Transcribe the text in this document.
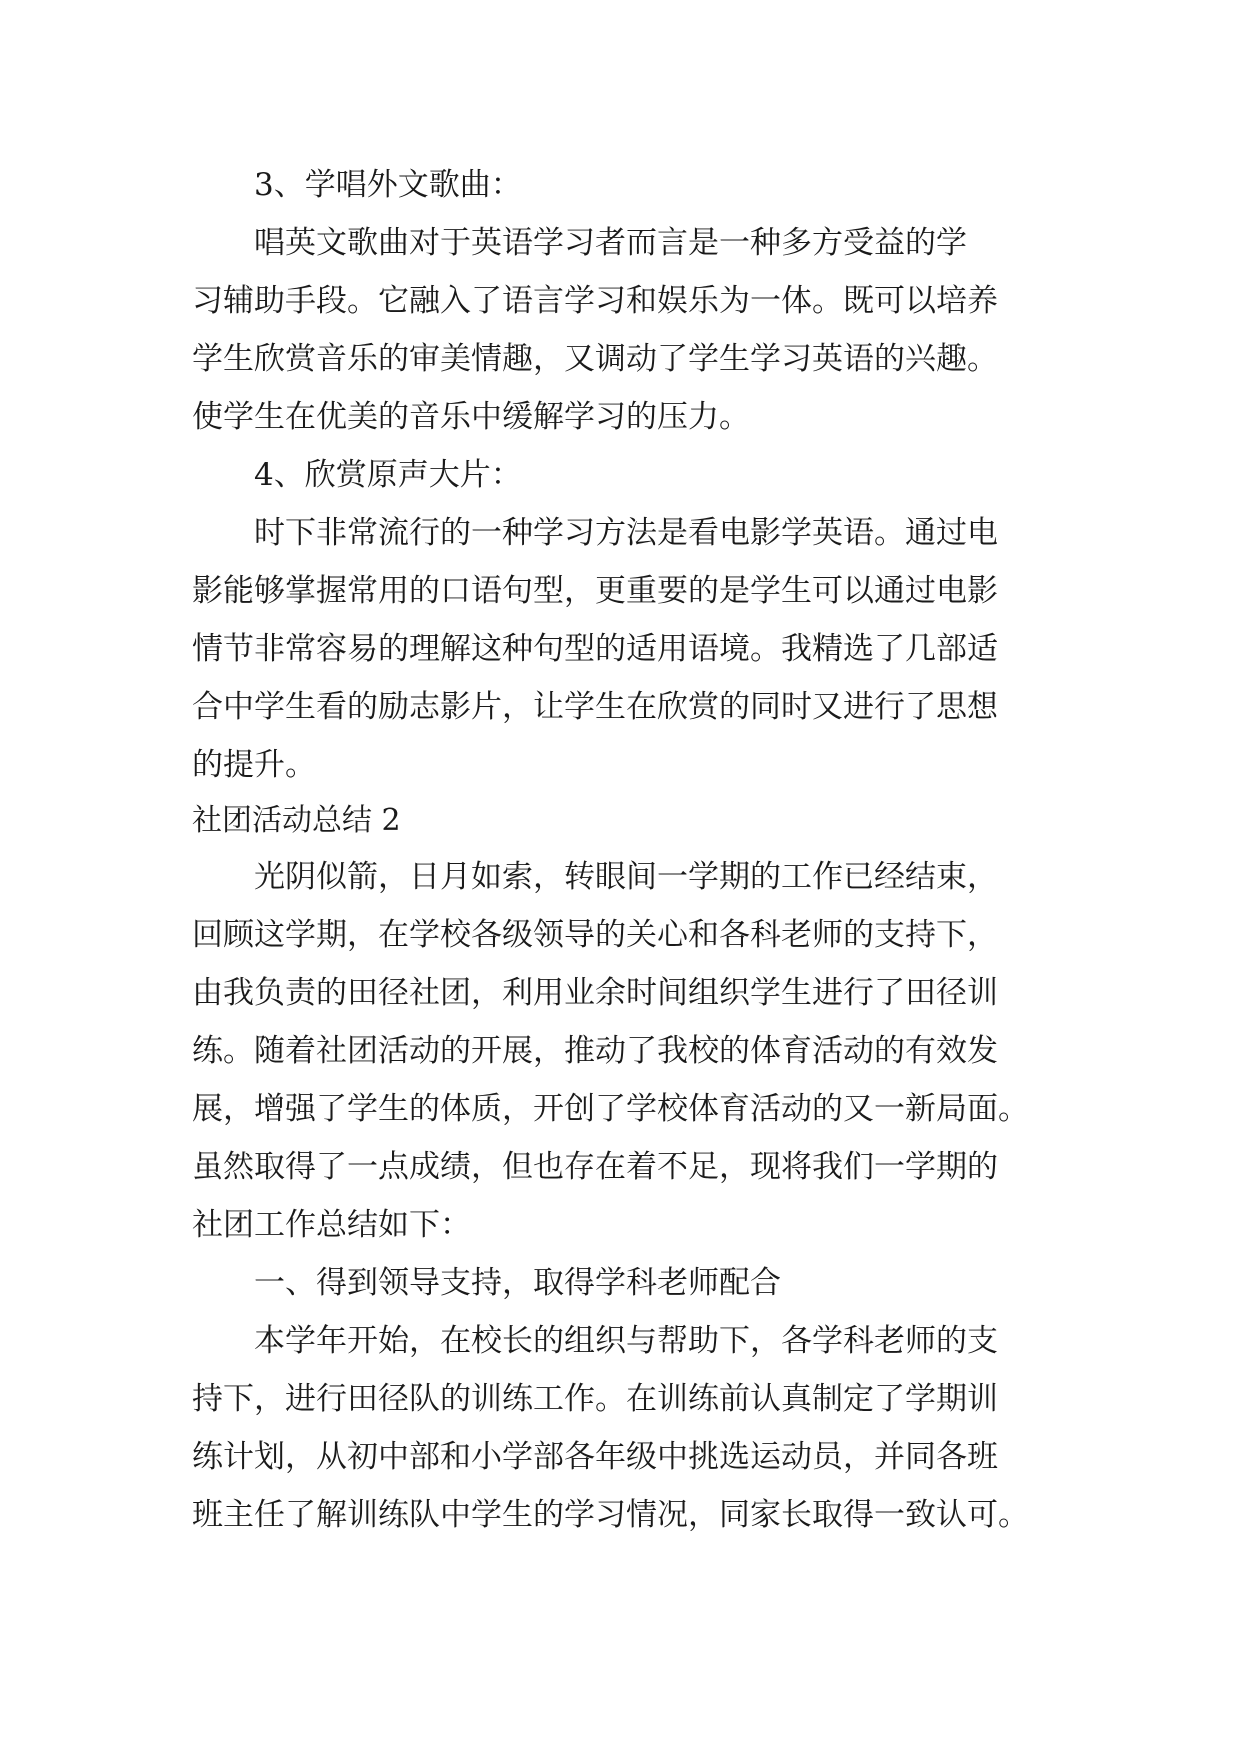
3、学唱外文歌曲：
唱英文歌曲对于英语学习者而言是一种多方受益的学
习辅助手段。它融入了语言学习和娱乐为一体。既可以培养
学生欣赏音乐的审美情趣，又调动了学生学习英语的兴趣。
使学生在优美的音乐中缓解学习的压力。
4、欣赏原声大片：
时下非常流行的一种学习方法是看电影学英语。通过电
影能够掌握常用的口语句型，更重要的是学生可以通过电影
情节非常容易的理解这种句型的适用语境。我精选了几部适
合中学生看的励志影片，让学生在欣赏的同时又进行了思想
的提升。
社团活动总结 2
光阴似箭，日月如索，转眼间一学期的工作已经结束，
回顾这学期，在学校各级领导的关心和各科老师的支持下，
由我负责的田径社团，利用业余时间组织学生进行了田径训
练。随着社团活动的开展，推动了我校的体育活动的有效发
展，增强了学生的体质，开创了学校体育活动的又一新局面。
虽然取得了一点成绩，但也存在着不足，现将我们一学期的
社团工作总结如下：
一、得到领导支持，取得学科老师配合
本学年开始，在校长的组织与帮助下，各学科老师的支
持下，进行田径队的训练工作。在训练前认真制定了学期训
练计划，从初中部和小学部各年级中挑选运动员，并同各班
班主任了解训练队中学生的学习情况，同家长取得一致认可。
